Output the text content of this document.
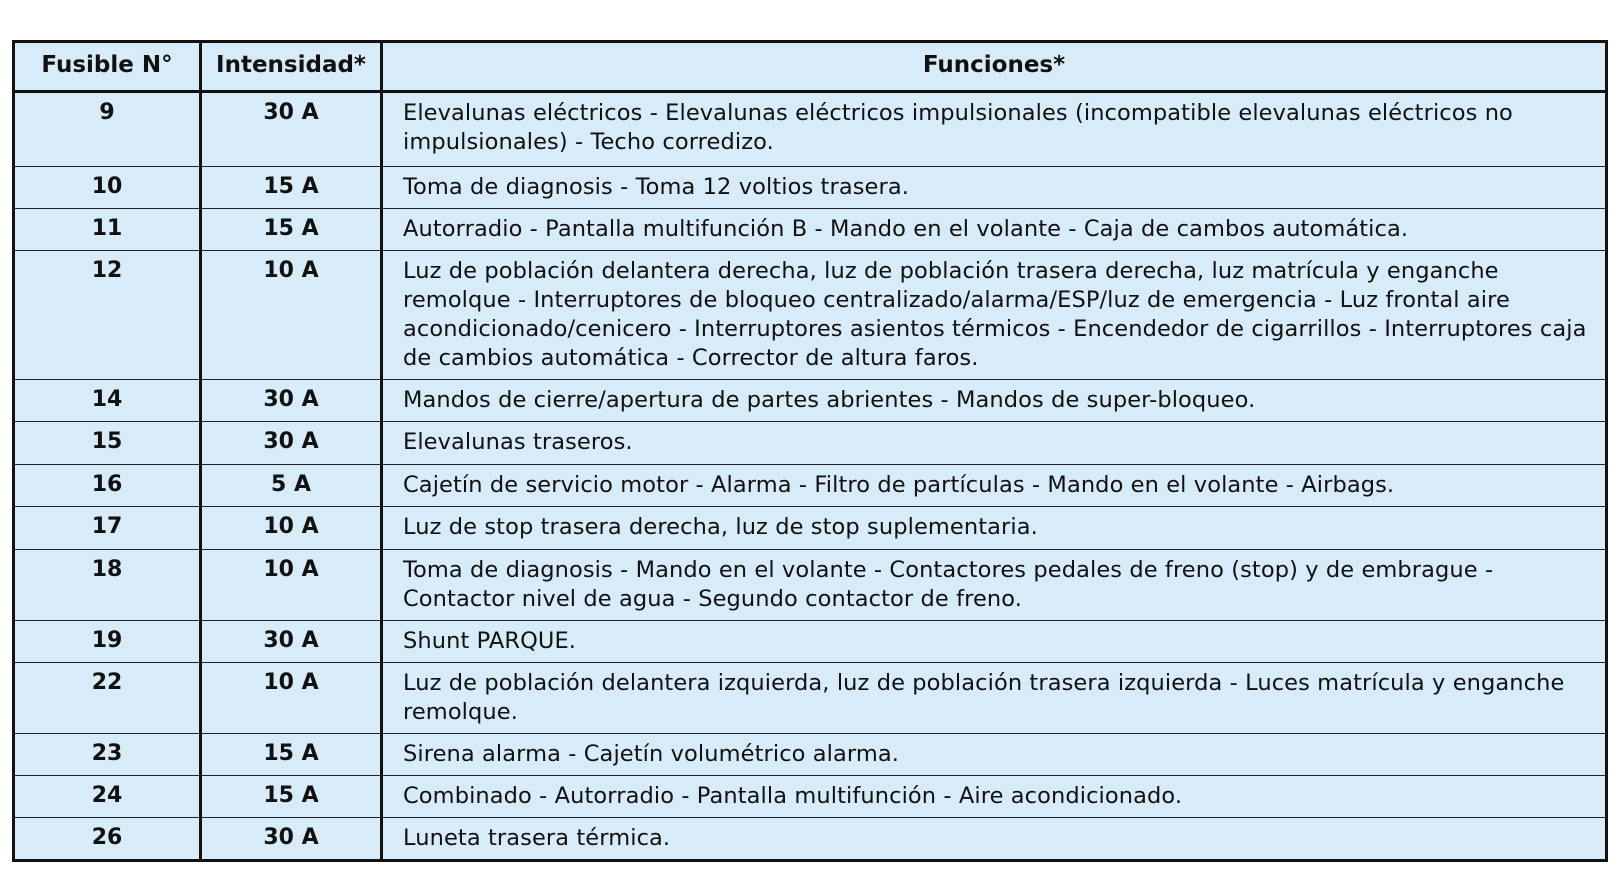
Fusible N°	Intensidad*	Funciones*
9	30 A	Elevalunas eléctricos - Elevalunas eléctricos impulsionales (incompatible elevalunas eléctricos no impulsionales) - Techo corredizo.
10	15 A	Toma de diagnosis - Toma 12 voltios trasera.
11	15 A	Autorradio - Pantalla multifunción B - Mando en el volante - Caja de cambos automática.
12	10 A	Luz de población delantera derecha, luz de población trasera derecha, luz matrícula y enganche remolque - Interruptores de bloqueo centralizado/alarma/ESP/luz de emergencia - Luz frontal aire acondicionado/cenicero - Interruptores asientos térmicos - Encendedor de cigarrillos - Interruptores caja de cambios automática - Corrector de altura faros.
14	30 A	Mandos de cierre/apertura de partes abrientes - Mandos de super-bloqueo.
15	30 A	Elevalunas traseros.
16	5 A	Cajetín de servicio motor - Alarma - Filtro de partículas - Mando en el volante - Airbags.
17	10 A	Luz de stop trasera derecha, luz de stop suplementaria.
18	10 A	Toma de diagnosis - Mando en el volante - Contactores pedales de freno (stop) y de embrague - Contactor nivel de agua - Segundo contactor de freno.
19	30 A	Shunt PARQUE.
22	10 A	Luz de población delantera izquierda, luz de población trasera izquierda - Luces matrícula y enganche remolque.
23	15 A	Sirena alarma - Cajetín volumétrico alarma.
24	15 A	Combinado - Autorradio - Pantalla multifunción - Aire acondicionado.
26	30 A	Luneta trasera térmica.
